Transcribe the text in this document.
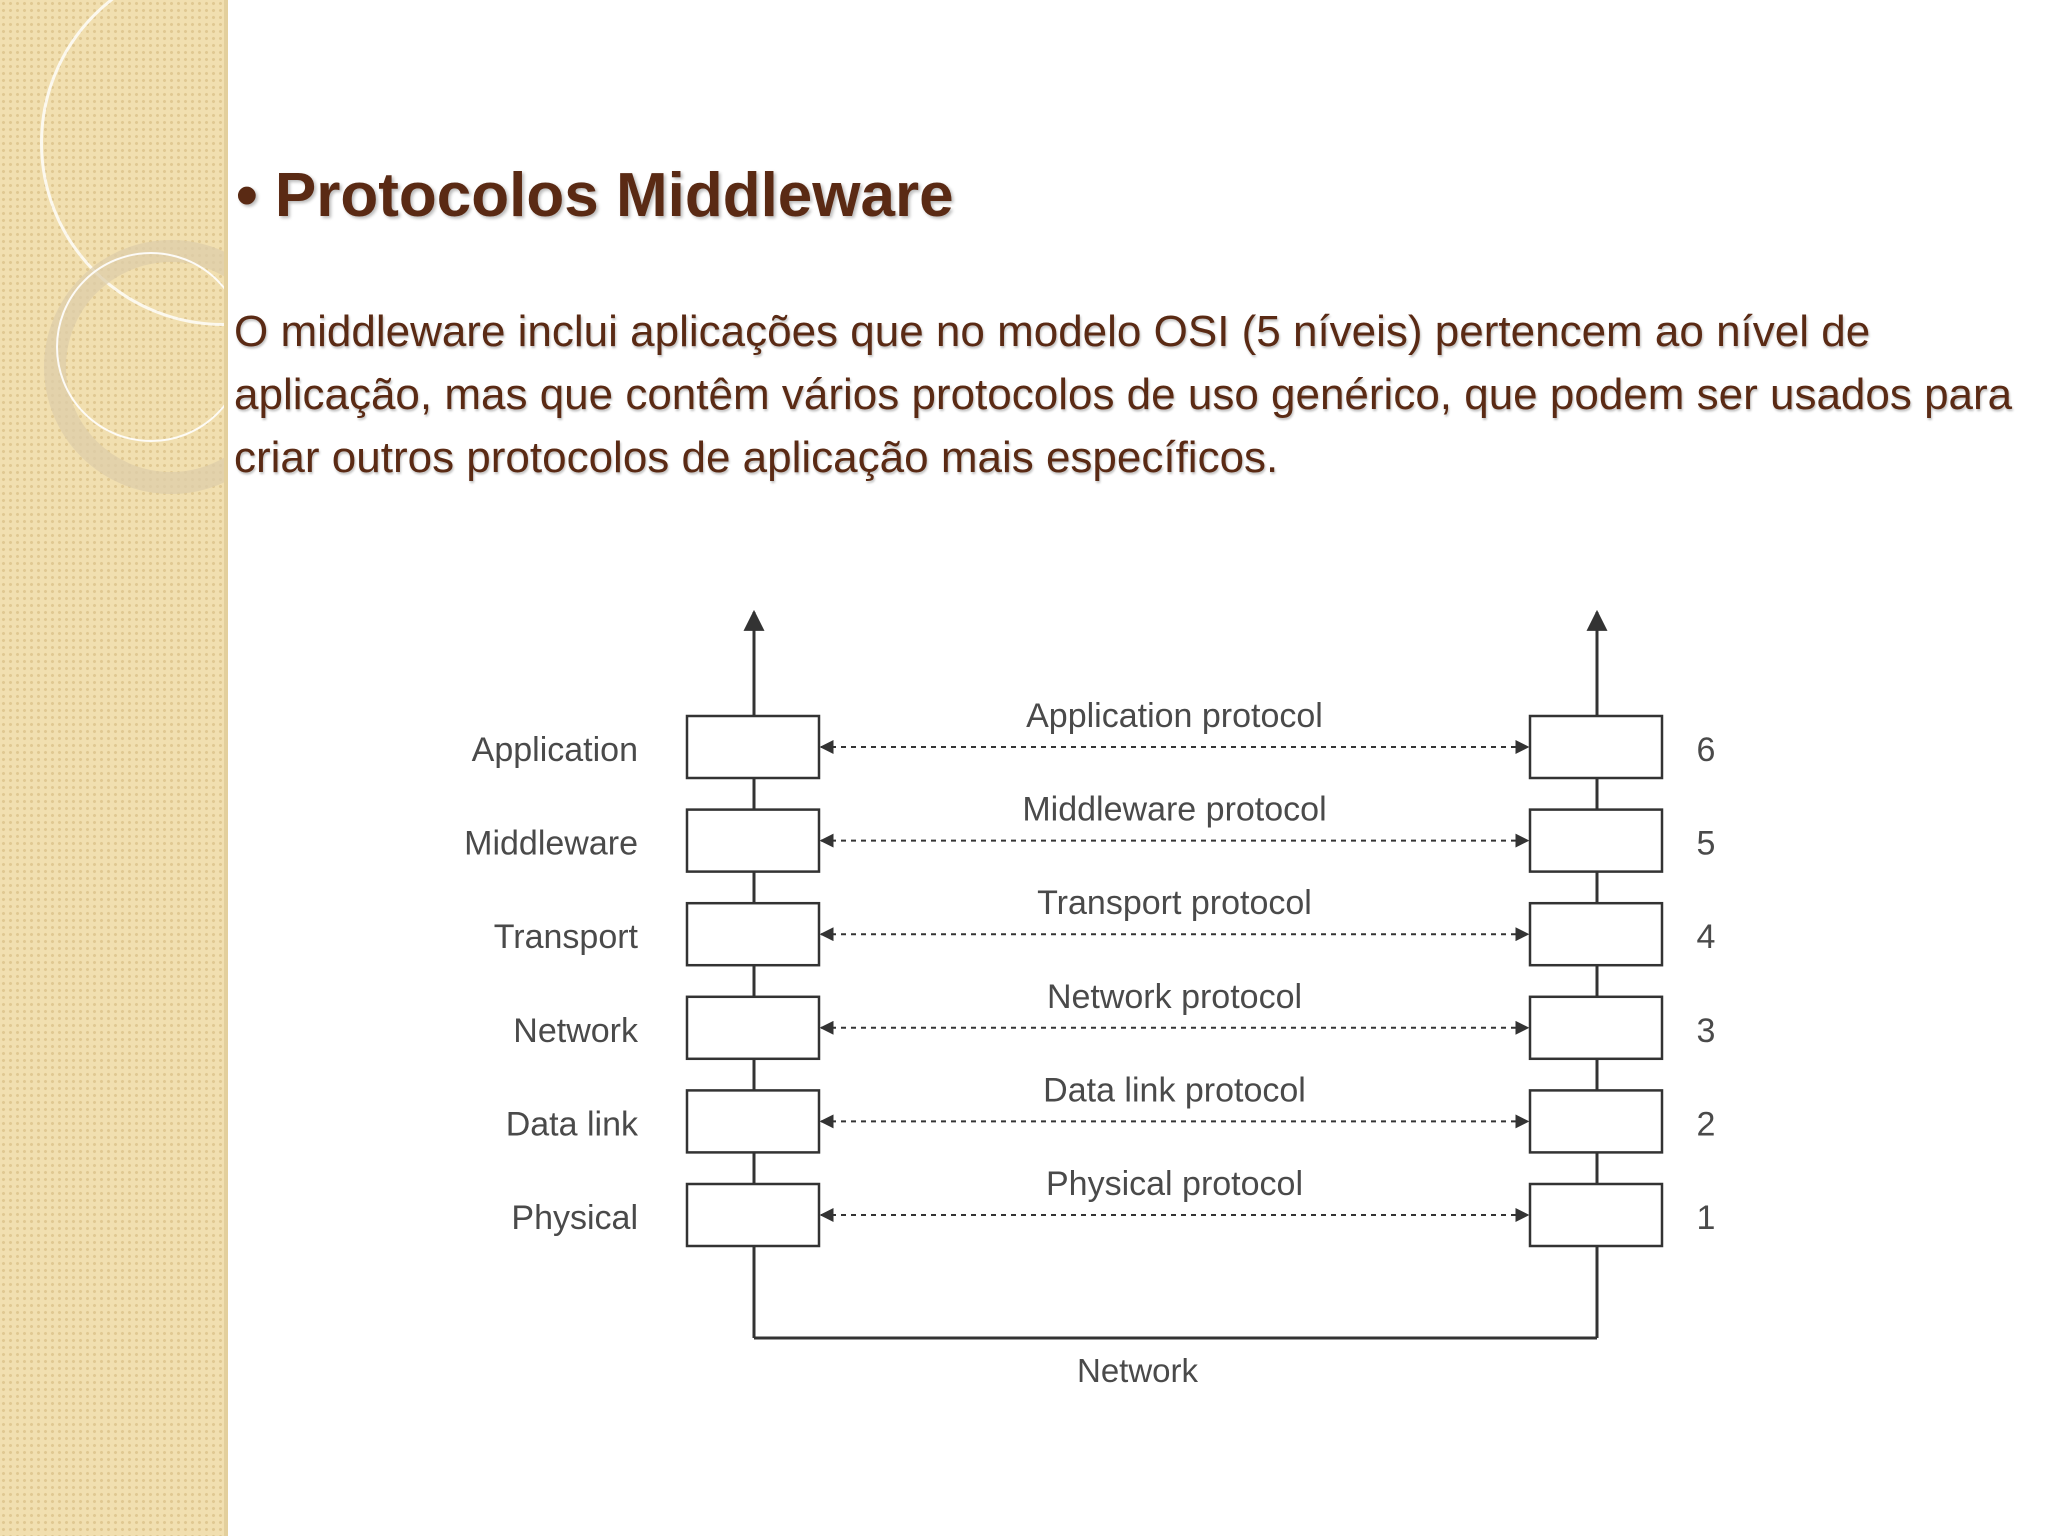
• Protocolos Middleware

O middleware inclui aplicações que no modelo OSI (5 níveis) pertencem ao nível de aplicação, mas que contêm vários protocolos de uso genérico, que podem ser usados para criar outros protocolos de aplicação mais específicos.

Network
Application
Application protocol
6
Middleware
Middleware protocol
5
Transport
Transport protocol
4
Network
Network protocol
3
Data link
Data link protocol
2
Physical
Physical protocol
1
